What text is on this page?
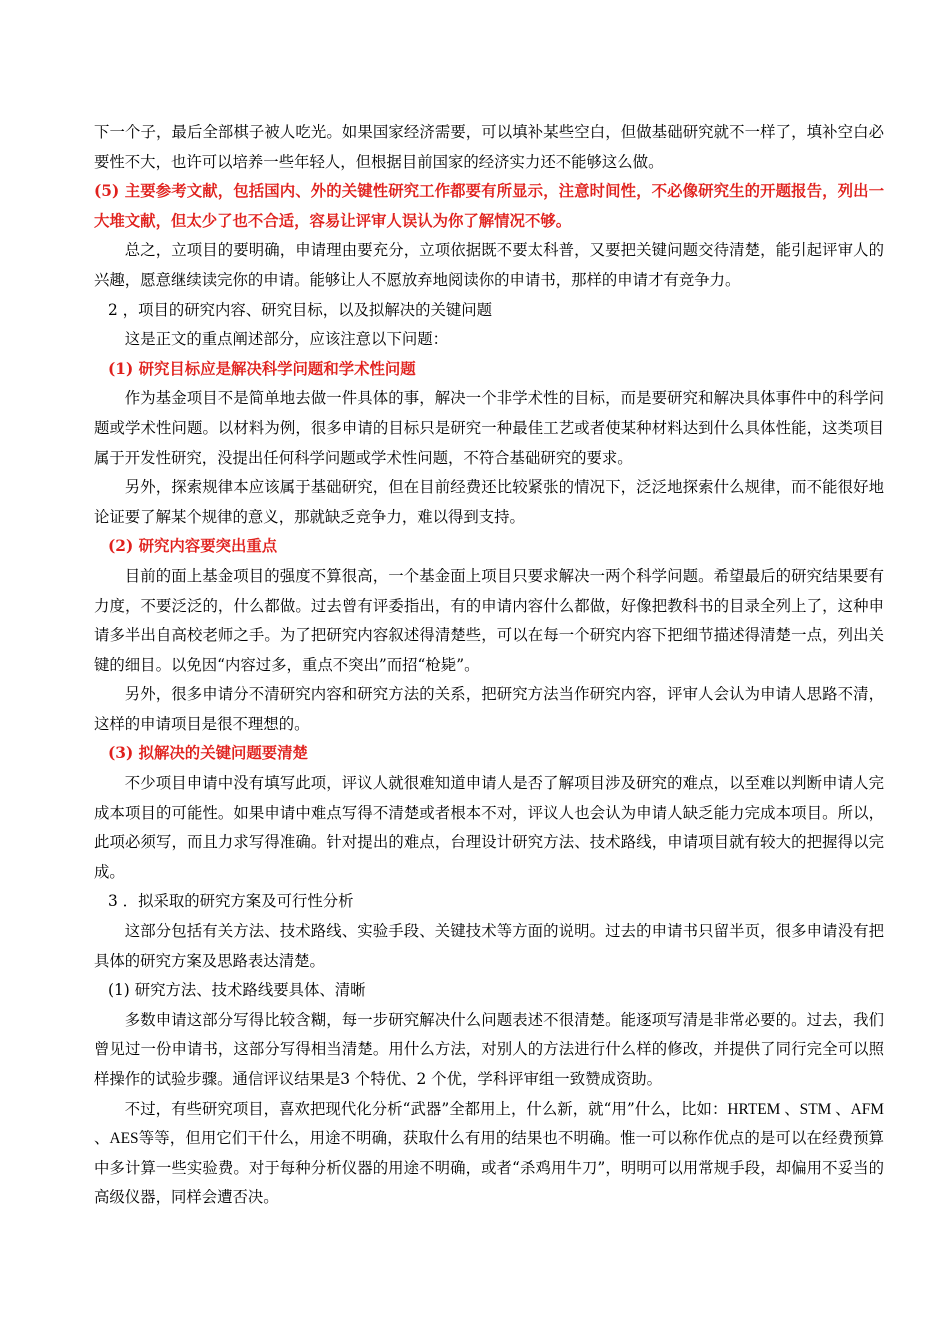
下一个子，最后全部棋子被人吃光。如果国家经济需要，可以填补某些空白，但做基础研究就不一样了，填补空白必要性不大，也许可以培养一些年轻人，但根据目前国家的经济实力还不能够这么做。

(5) 主要参考文献，包括国内、外的关键性研究工作都要有所显示，注意时间性，不必像研究生的开题报告，列出一大堆文献，但太少了也不合适，容易让评审人误认为你了解情况不够。

总之，立项目的要明确，申请理由要充分，立项依据既不要太科普，又要把关键问题交待清楚，能引起评审人的兴趣，愿意继续读完你的申请。能够让人不愿放弃地阅读你的申请书，那样的申请才有竞争力。

2 ，项目的研究内容、研究目标，以及拟解决的关键问题

这是正文的重点阐述部分，应该注意以下问题：

(1) 研究目标应是解决科学问题和学术性问题

作为基金项目不是简单地去做一件具体的事，解决一个非学术性的目标，而是要研究和解决具体事件中的科学问题或学术性问题。以材料为例，很多申请的目标只是研究一种最佳工艺或者使某种材料达到什么具体性能，这类项目属于开发性研究，没提出任何科学问题或学术性问题，不符合基础研究的要求。

另外，探索规律本应该属于基础研究，但在目前经费还比较紧张的情况下，泛泛地探索什么规律，而不能很好地论证要了解某个规律的意义，那就缺乏竞争力，难以得到支持。

(2) 研究内容要突出重点

目前的面上基金项目的强度不算很高，一个基金面上项目只要求解决一两个科学问题。希望最后的研究结果要有力度，不要泛泛的，什么都做。过去曾有评委指出，有的申请内容什么都做，好像把教科书的目录全列上了，这种申请多半出自高校老师之手。为了把研究内容叙述得清楚些，可以在每一个研究内容下把细节描述得清楚一点，列出关键的细目。以免因“内容过多，重点不突出”而招“枪毙”。

另外，很多申请分不清研究内容和研究方法的关系，把研究方法当作研究内容，评审人会认为申请人思路不清，这样的申请项目是很不理想的。

(3) 拟解决的关键问题要清楚

不少项目申请中没有填写此项，评议人就很难知道申请人是否了解项目涉及研究的难点，以至难以判断申请人完成本项目的可能性。如果申请中难点写得不清楚或者根本不对，评议人也会认为申请人缺乏能力完成本项目。所以，此项必须写，而且力求写得准确。针对提出的难点，台理设计研究方法、技术路线，申请项目就有较大的把握得以完成。

3 ．拟采取的研究方案及可行性分析

这部分包括有关方法、技术路线、实验手段、关键技术等方面的说明。过去的申请书只留半页，很多申请没有把具体的研究方案及思路表达清楚。

(1) 研究方法、技术路线要具体、清晰

多数申请这部分写得比较含糊，每一步研究解决什么问题表述不很清楚。能逐项写清是非常必要的。过去，我们曾见过一份申请书，这部分写得相当清楚。用什么方法，对别人的方法进行什么样的修改，并提供了同行完全可以照样操作的试验步骤。通信评议结果是3 个特优、2 个优，学科评审组一致赞成资助。

不过，有些研究项目，喜欢把现代化分析“武器”全都用上，什么新，就“用”什么，比如：HRTEM 、STM 、AFM 、AES等等，但用它们干什么，用途不明确，获取什么有用的结果也不明确。惟一可以称作优点的是可以在经费预算中多计算一些实验费。对于每种分析仪器的用途不明确，或者“杀鸡用牛刀”，明明可以用常规手段，却偏用不妥当的高级仪器，同样会遭否决。
